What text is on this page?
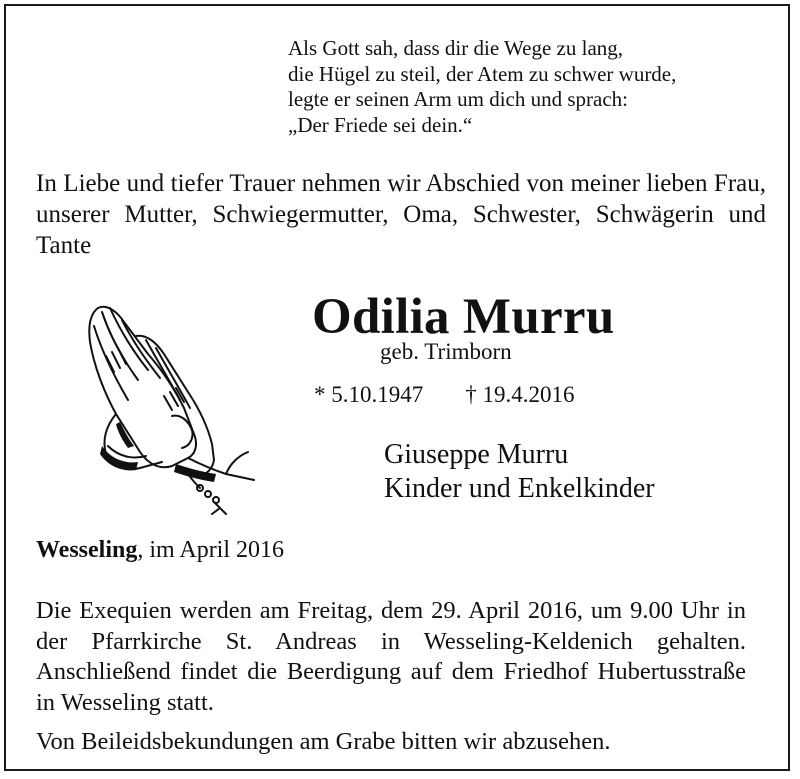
Als Gott sah, dass dir die Wege zu lang,
die Hügel zu steil, der Atem zu schwer wurde,
legte er seinen Arm um dich und sprach:
„Der Friede sei dein.“
In Liebe und tiefer Trauer nehmen wir Abschied von meiner lieben Frau, unserer Mutter, Schwiegermutter, Oma, Schwester, Schwägerin und Tante
Odilia Murru
geb. Trimborn
* 5.10.1947 † 19.4.2016
Giuseppe Murru
Kinder und Enkelkinder
Wesseling, im April 2016
Die Exequien werden am Freitag, dem 29. April 2016, um 9.00 Uhr in der Pfarrkirche St. Andreas in Wesseling-Keldenich gehalten. Anschließend findet die Beerdigung auf dem Friedhof Hubertusstraße in Wesseling statt.
Von Beileidsbekundungen am Grabe bitten wir abzusehen.
